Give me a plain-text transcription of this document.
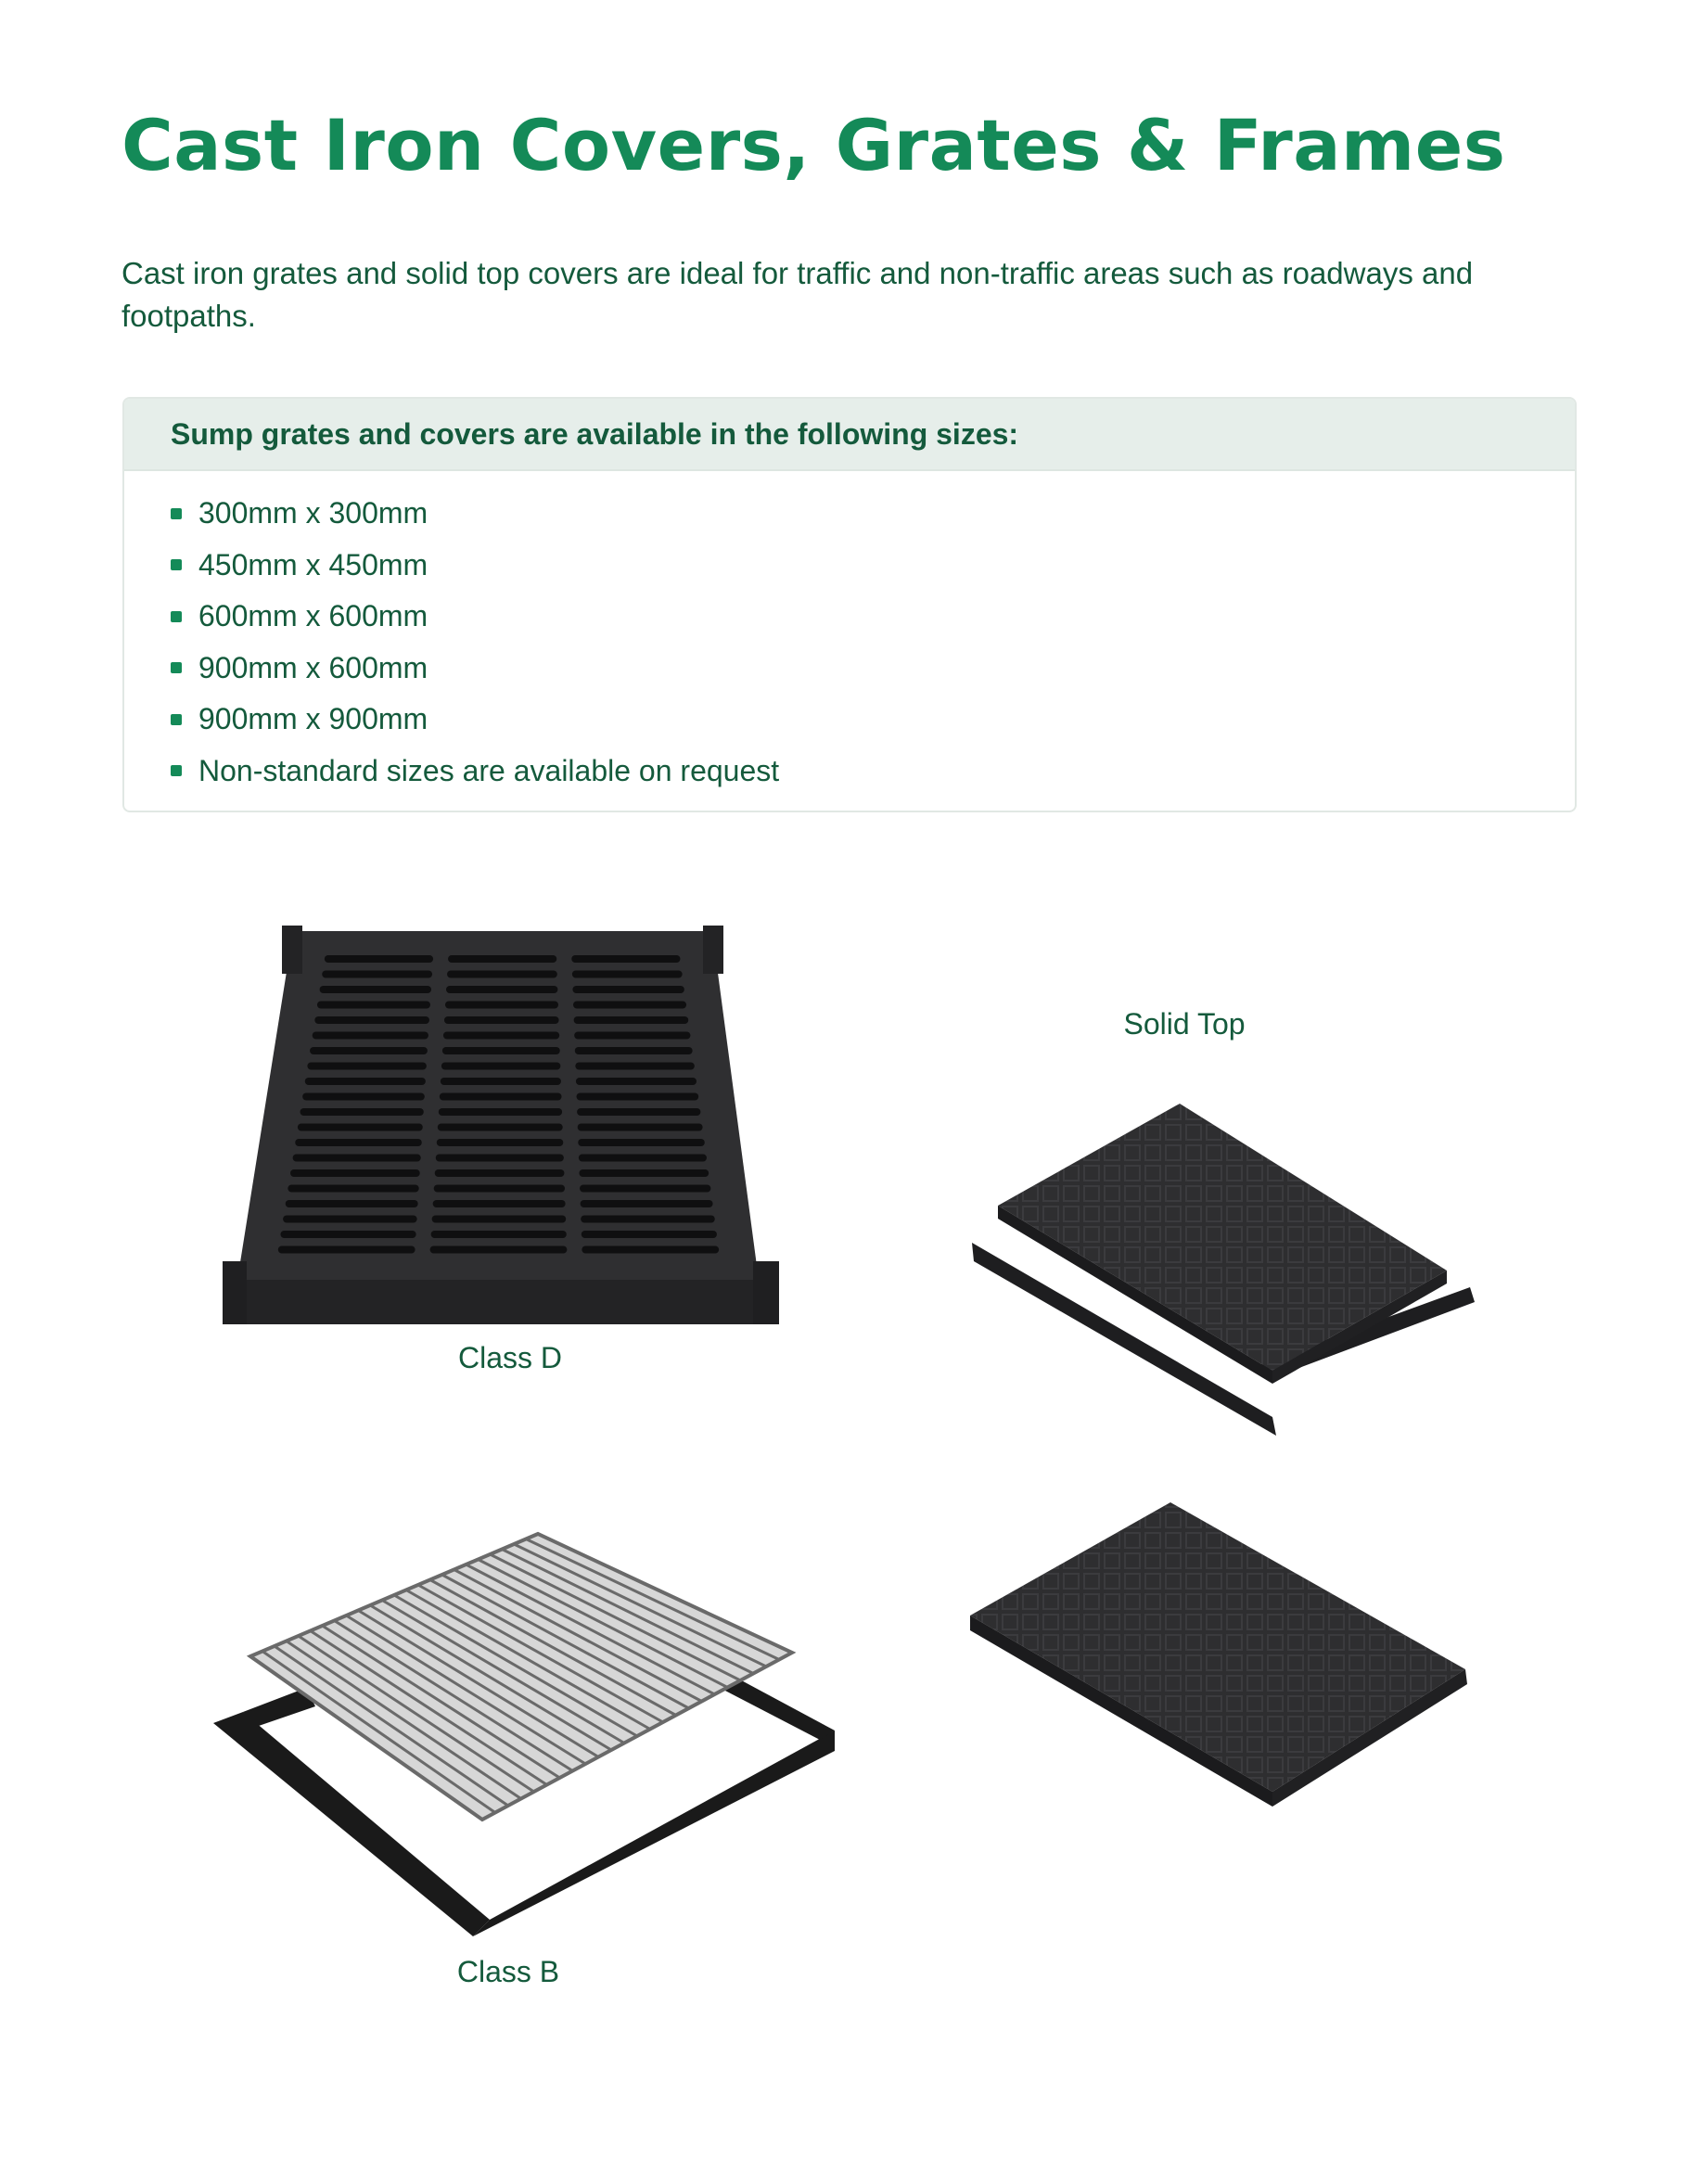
Cast Iron Covers, Grates & Frames

Cast iron grates and solid top covers are ideal for traffic and non-traffic areas such as roadways and footpaths.

Sump grates and covers are available in the following sizes:
300mm x 300mm
450mm x 450mm
600mm x 600mm
900mm x 600mm
900mm x 900mm
Non-standard sizes are available on request
Class D
Solid Top
Class B
